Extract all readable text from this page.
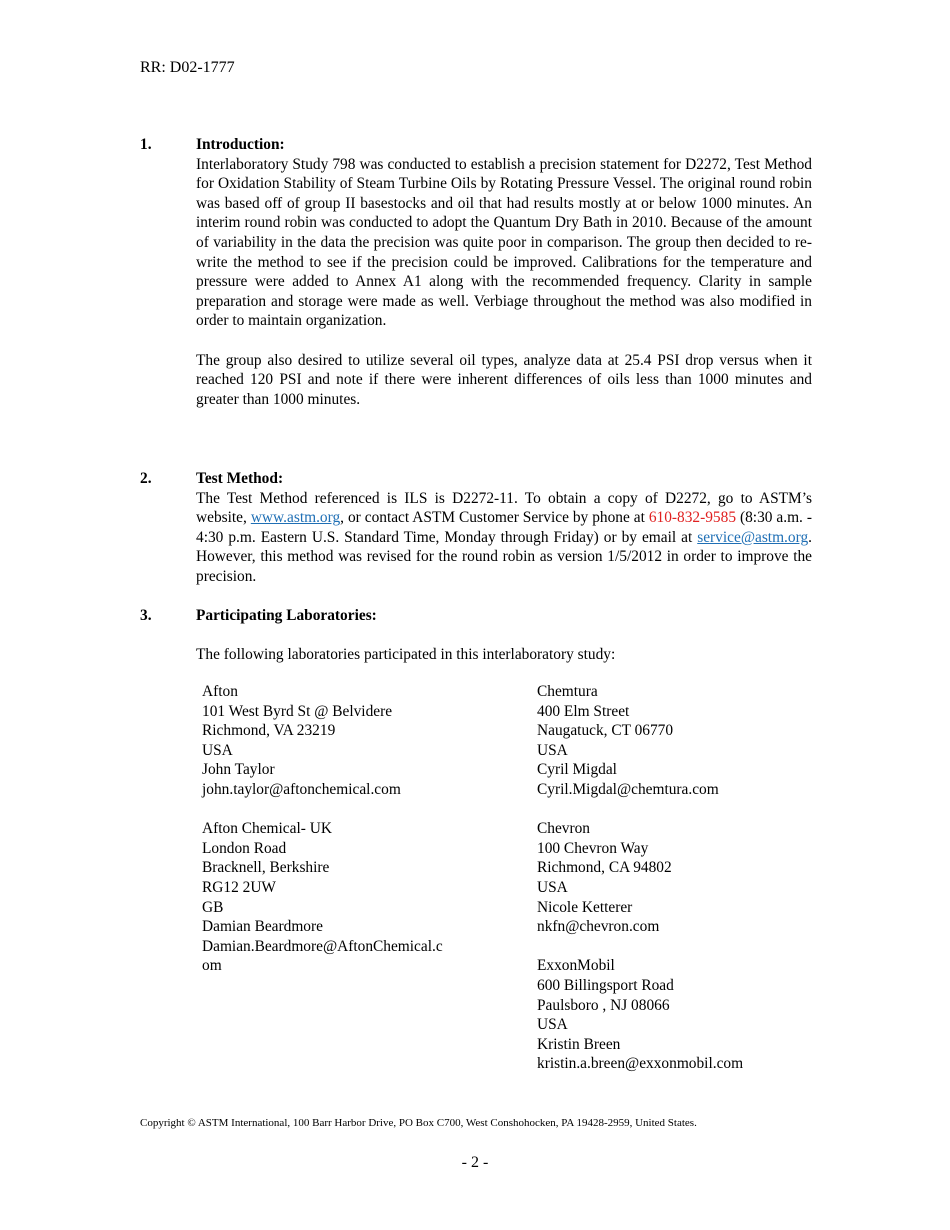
RR: D02-1777
1.	Introduction:

Interlaboratory Study 798 was conducted to establish a precision statement for D2272, Test Method for Oxidation Stability of Steam Turbine Oils by Rotating Pressure Vessel. The original round robin was based off of group II basestocks and oil that had results mostly at or below 1000 minutes. An interim round robin was conducted to adopt the Quantum Dry Bath in 2010. Because of the amount of variability in the data the precision was quite poor in comparison. The group then decided to re-write the method to see if the precision could be improved. Calibrations for the temperature and pressure were added to Annex A1 along with the recommended frequency. Clarity in sample preparation and storage were made as well. Verbiage throughout the method was also modified in order to maintain organization.

The group also desired to utilize several oil types, analyze data at 25.4 PSI drop versus when it reached 120 PSI and note if there were inherent differences of oils less than 1000 minutes and greater than 1000 minutes.

2.	Test Method:

The Test Method referenced is ILS is D2272-11. To obtain a copy of D2272, go to ASTM’s website, www.astm.org, or contact ASTM Customer Service by phone at 610-832-9585 (8:30 a.m. - 4:30 p.m. Eastern U.S. Standard Time, Monday through Friday) or by email at service@astm.org. However, this method was revised for the round robin as version 1/5/2012 in order to improve the precision.

3.	Participating Laboratories:

The following laboratories participated in this interlaboratory study:

Afton
101 West Byrd St @ Belvidere
Richmond, VA 23219
USA
John Taylor
john.taylor@aftonchemical.com
Afton Chemical- UK
London Road
Bracknell, Berkshire
RG12 2UW
GB
Damian Beardmore
Damian.Beardmore@AftonChemical.c
om
Chemtura
400 Elm Street
Naugatuck, CT 06770
USA
Cyril Migdal
Cyril.Migdal@chemtura.com
Chevron
100 Chevron Way
Richmond, CA 94802
USA
Nicole Ketterer
nkfn@chevron.com
ExxonMobil
600 Billingsport Road
Paulsboro , NJ 08066
USA
Kristin Breen
kristin.a.breen@exxonmobil.com
Copyright © ASTM International, 100 Barr Harbor Drive, PO Box C700, West Conshohocken, PA 19428-2959, United States.
- 2 -
